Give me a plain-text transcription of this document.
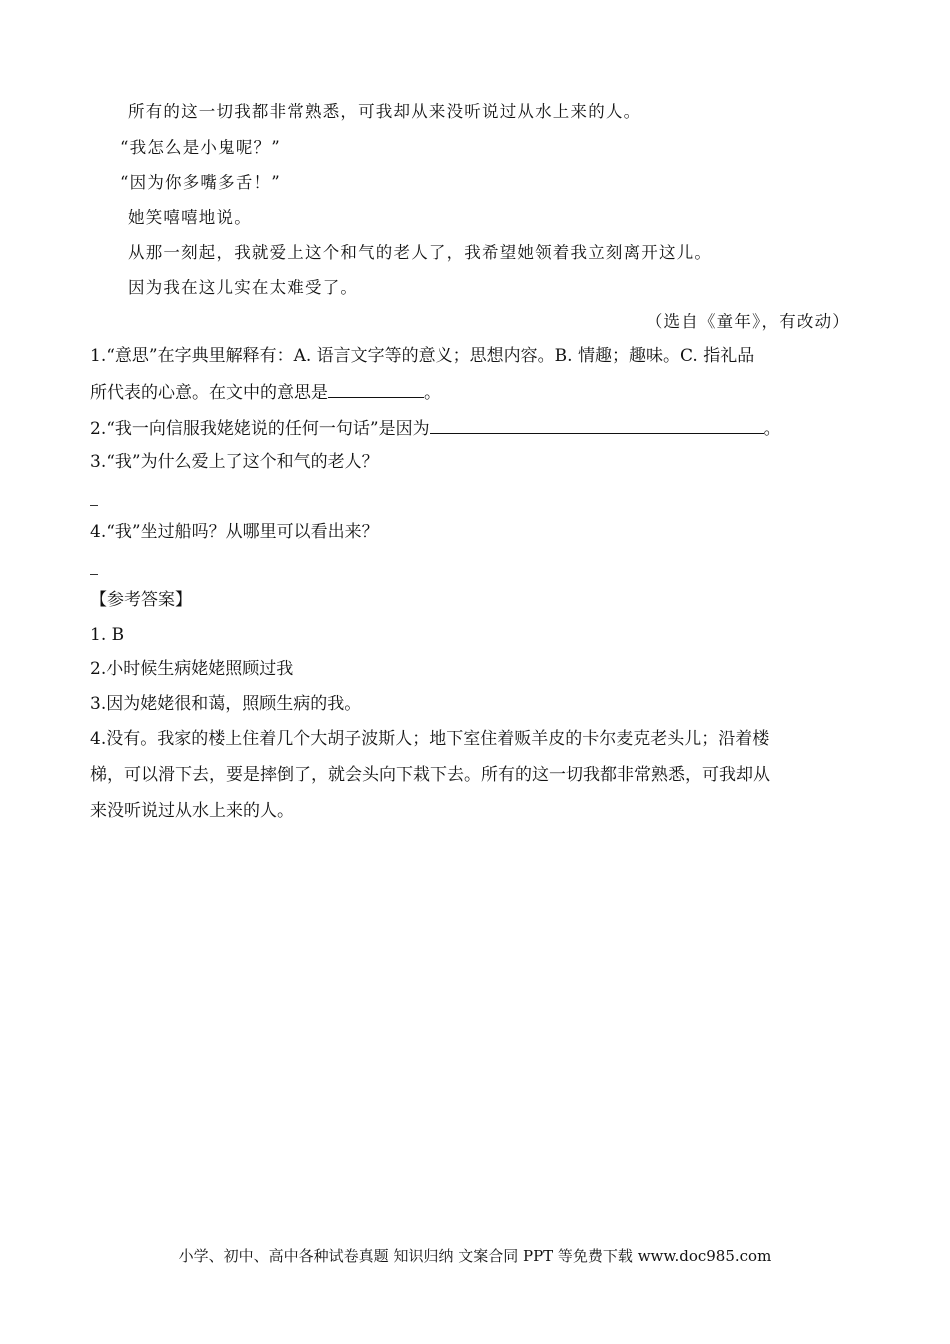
所有的这一切我都非常熟悉，可我却从来没听说过从水上来的人。
“我怎么是小鬼呢？”
“因为你多嘴多舌！”
她笑嘻嘻地说。
从那一刻起，我就爱上这个和气的老人了，我希望她领着我立刻离开这儿。
因为我在这儿实在太难受了。
（选自《童年》，有改动）
1.“意思”在字典里解释有：A. 语言文字等的意义；思想内容。B. 情趣；趣味。C. 指礼品
所代表的心意。在文中的意思是	。
2.“我一向信服我姥姥说的任何一句话”是因为	。
3.“我”为什么爱上了这个和气的老人？
4.“我”坐过船吗？从哪里可以看出来？
【参考答案】
1. B
2.小时候生病姥姥照顾过我
3.因为姥姥很和蔼，照顾生病的我。
4.没有。我家的楼上住着几个大胡子波斯人；地下室住着贩羊皮的卡尔麦克老头儿；沿着楼
梯，可以滑下去，要是摔倒了，就会头向下栽下去。所有的这一切我都非常熟悉，可我却从
来没听说过从水上来的人。
小学、初中、高中各种试卷真题 知识归纳 文案合同 PPT 等免费下载 www.doc985.com
